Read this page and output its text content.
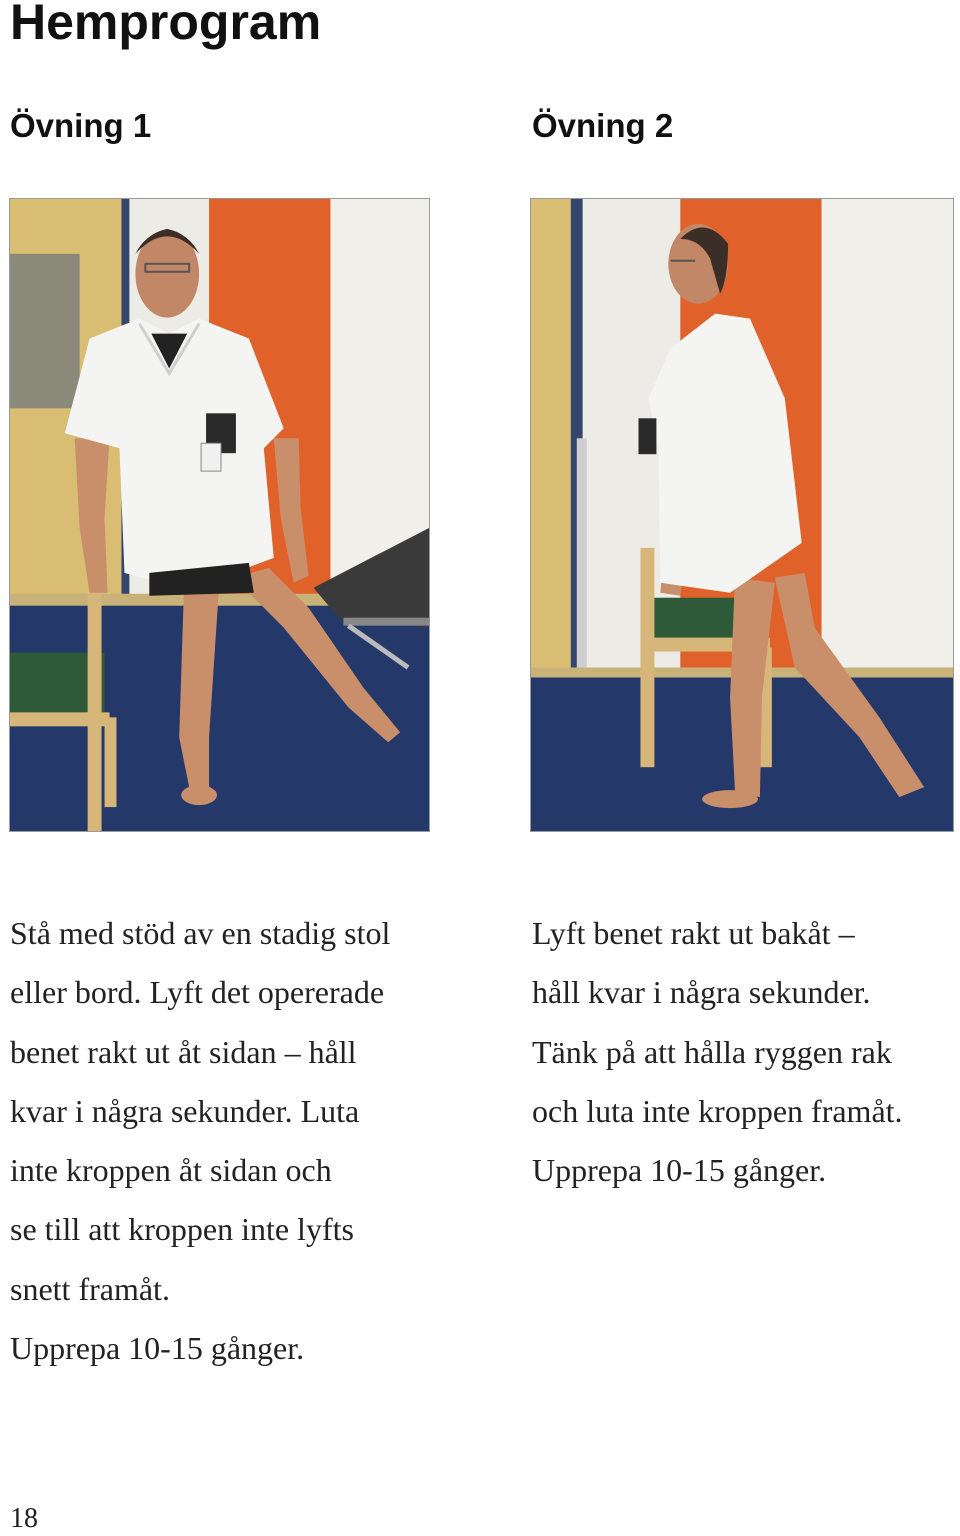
Hemprogram
Övning 1	Övning 2

Stå med stöd av en stadig stol
eller bord. Lyft det opererade
benet rakt ut åt sidan – håll
kvar i några sekunder. Luta
inte kroppen åt sidan och
se till att kroppen inte lyfts
snett framåt.
Upprepa 10-15 gånger.

Lyft benet rakt ut bakåt –
håll kvar i några sekunder.
Tänk på att hålla ryggen rak
och luta inte kroppen framåt.
Upprepa 10-15 gånger.

18
